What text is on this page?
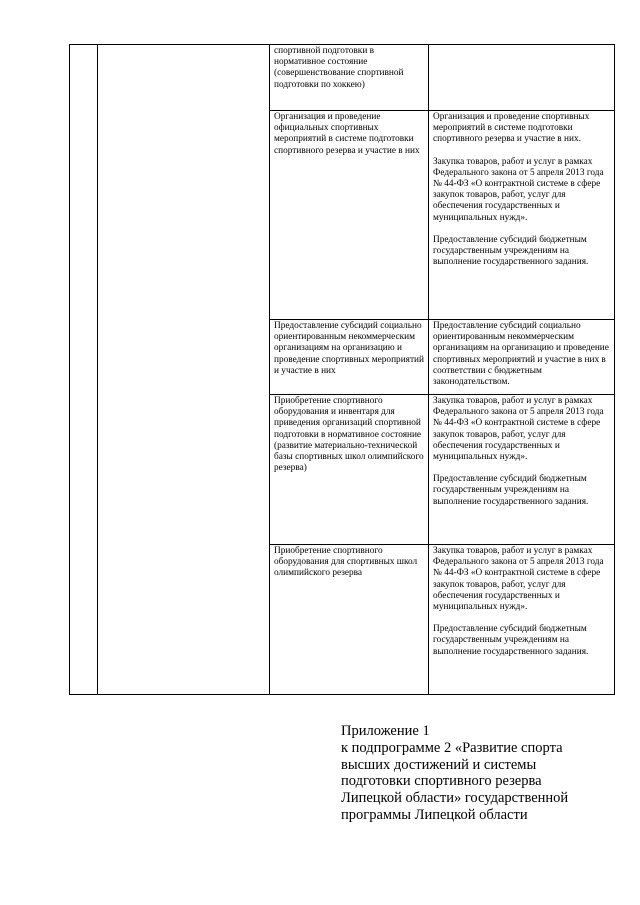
		спортивной подготовки в нормативное состояние (совершенствование спортивной подготовки по хоккею)	

		Организация и проведение официальных спортивных мероприятий в системе подготовки спортивного резерва и участие в них	Организация и проведение спортивных мероприятий в системе подготовки спортивного резерва и участие в них.

Закупка товаров, работ и услуг в рамках Федерального закона от 5 апреля 2013 года № 44-ФЗ «О контрактной системе в сфере закупок товаров, работ, услуг для обеспечения государственных и муниципальных нужд».

Предоставление субсидий бюджетным государственным учреждениям на выполнение государственного задания.

		Предоставление субсидий социально ориентированным некоммерческим организациям на организацию и проведение спортивных мероприятий и участие в них	Предоставление субсидий социально ориентированным некоммерческим организациям на организацию и проведение спортивных мероприятий и участие в них в соответствии с бюджетным законодательством.

		Приобретение спортивного оборудования и инвентаря для приведения организаций спортивной подготовки в нормативное состояние (развитие материально-технической базы спортивных школ олимпийского резерва)	Закупка товаров, работ и услуг в рамках Федерального закона от 5 апреля 2013 года № 44-ФЗ «О контрактной системе в сфере закупок товаров, работ, услуг для обеспечения государственных и муниципальных нужд».

Предоставление субсидий бюджетным государственным учреждениям на выполнение государственного задания.

		Приобретение спортивного оборудования для спортивных школ олимпийского резерва	Закупка товаров, работ и услуг в рамках Федерального закона от 5 апреля 2013 года № 44-ФЗ «О контрактной системе в сфере закупок товаров, работ, услуг для обеспечения государственных и муниципальных нужд».

Предоставление субсидий бюджетным государственным учреждениям на выполнение государственного задания.

Приложение 1
к подпрограмме 2 «Развитие спорта
высших достижений и системы
подготовки спортивного резерва
Липецкой области» государственной
программы Липецкой области
